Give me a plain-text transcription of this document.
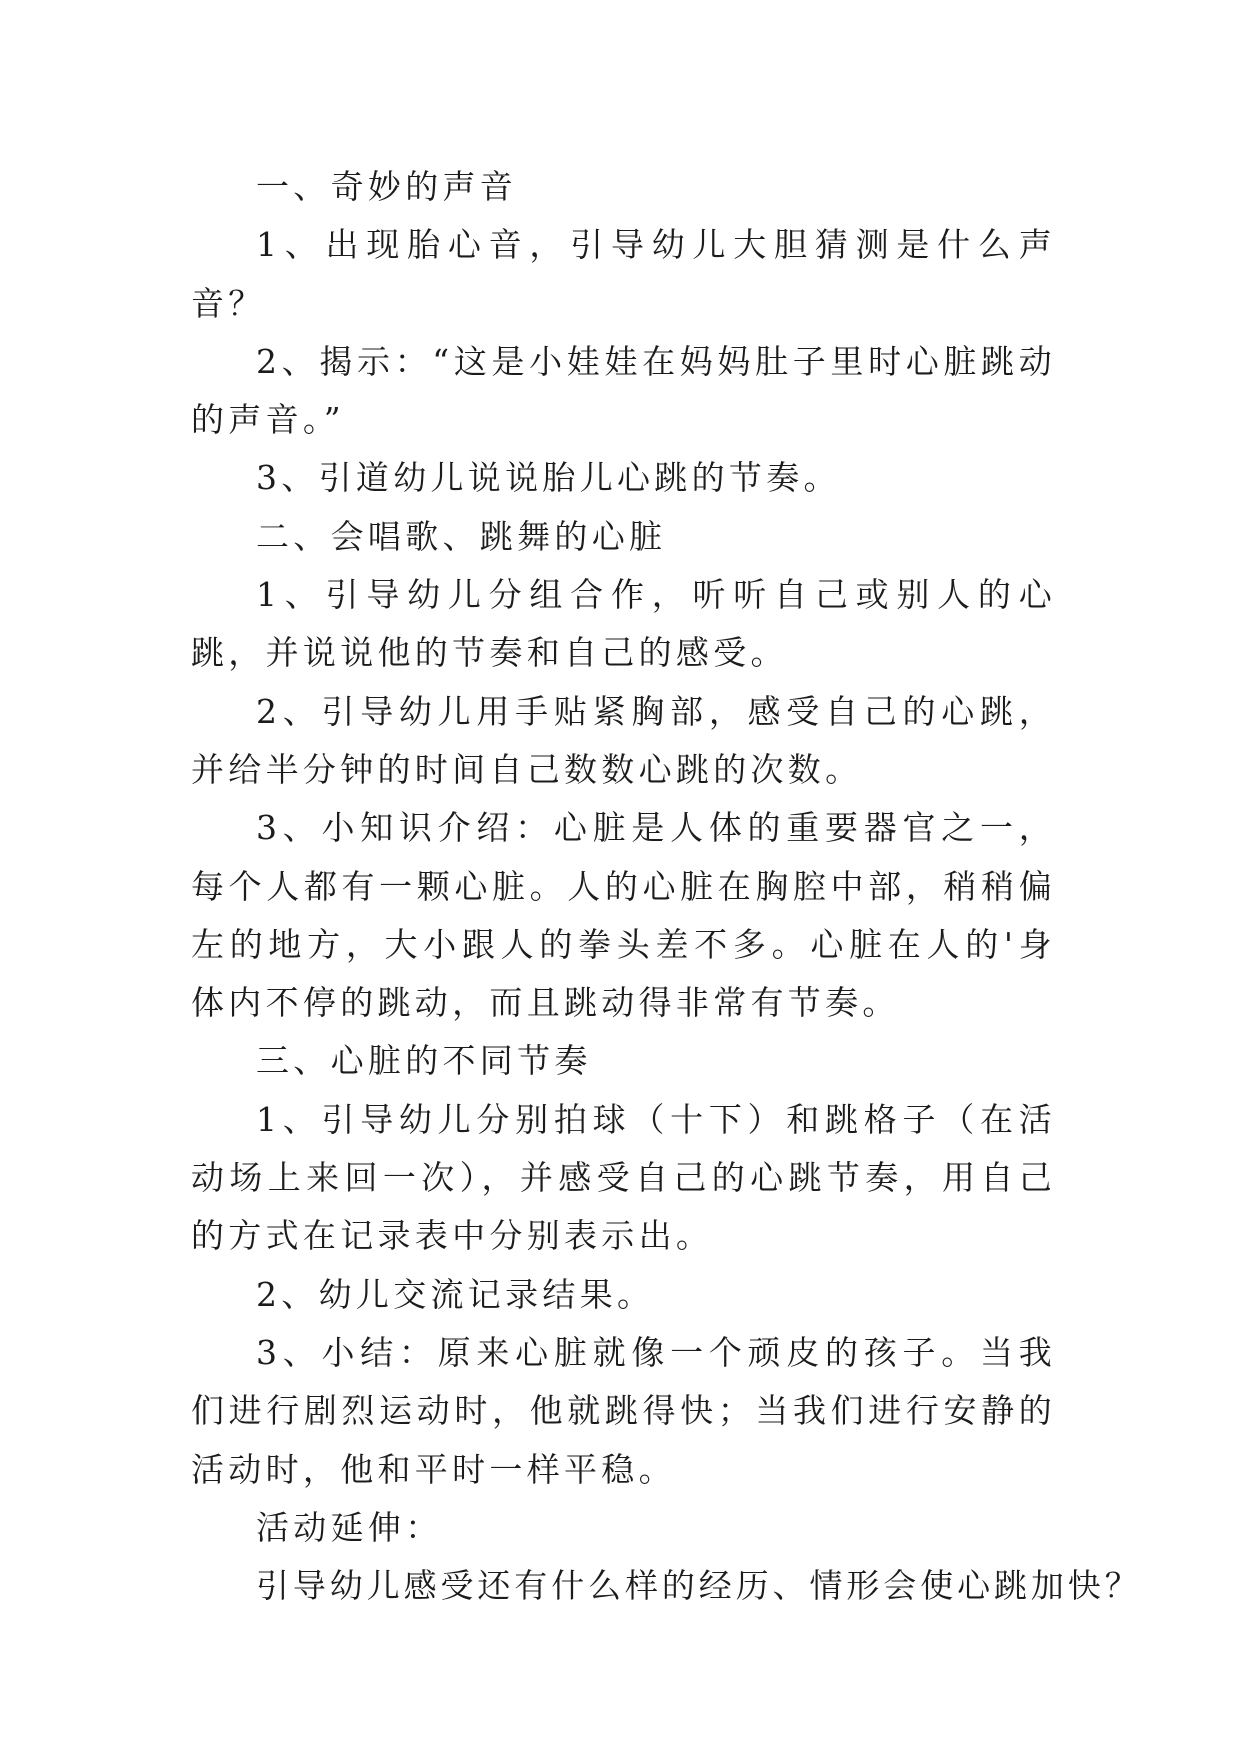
一、奇妙的声音

1、出现胎心音，引导幼儿大胆猜测是什么声音？

2、揭示：“这是小娃娃在妈妈肚子里时心脏跳动的声音。”

3、引道幼儿说说胎儿心跳的节奏。

二、会唱歌、跳舞的心脏

1、引导幼儿分组合作，听听自己或别人的心跳，并说说他的节奏和自己的感受。

2、引导幼儿用手贴紧胸部，感受自己的心跳，并给半分钟的时间自己数数心跳的次数。

3、小知识介绍：心脏是人体的重要器官之一，每个人都有一颗心脏。人的心脏在胸腔中部，稍稍偏左的地方，大小跟人的拳头差不多。心脏在人的'身体内不停的跳动，而且跳动得非常有节奏。

三、心脏的不同节奏

1、引导幼儿分别拍球（十下）和跳格子（在活动场上来回一次），并感受自己的心跳节奏，用自己的方式在记录表中分别表示出。

2、幼儿交流记录结果。

3、小结：原来心脏就像一个顽皮的孩子。当我们进行剧烈运动时，他就跳得快；当我们进行安静的活动时，他和平时一样平稳。

活动延伸：

引导幼儿感受还有什么样的经历、情形会使心跳加快？
